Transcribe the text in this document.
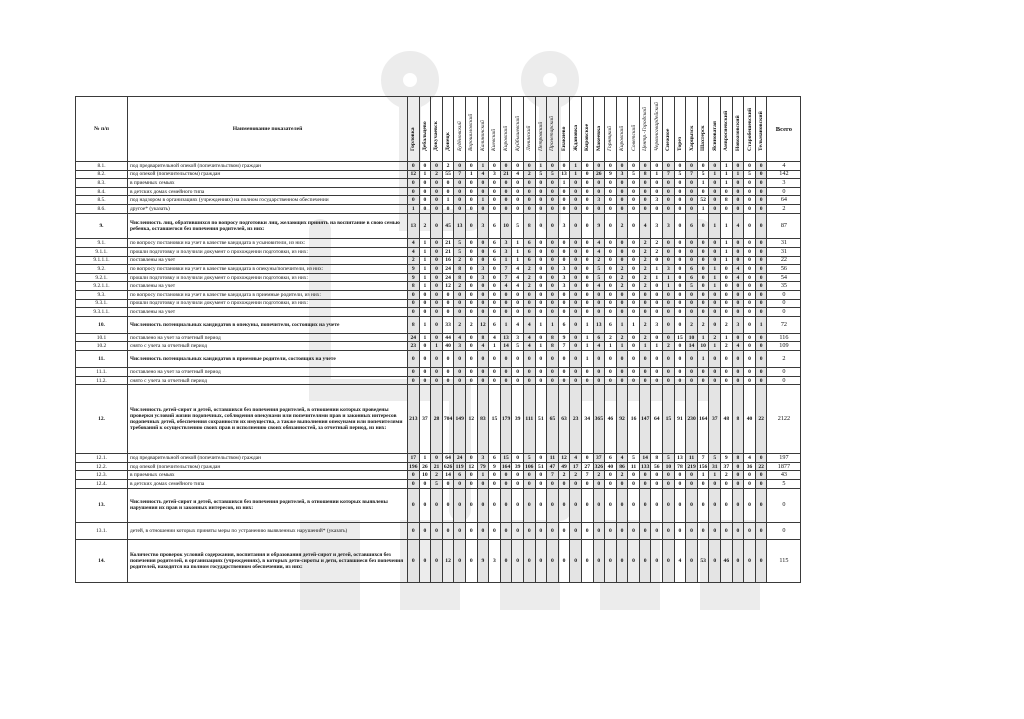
№ п/п	Наименование показателей	Горловка	Дебальцево	Докучаевск	Донецк	Будёновский	Ворошиловский	Калининский	Киевский	Кировский	Куйбышевский	Ленинский	Петровский	Пролетарский	Енакиево	Ждановка	Кировское	Макеевка	Горняцкий	Кировский	Советский	Центр.-Городской	Червоногвардейский	Снежное	Торез	Харцызск	Шахтерск	Ясиноватая	Амвросиевский	Новоазовский	Старобешевский	Тельмановский	Всего
8.1.	под предварительной опекой (попечительством) граждан	0	0	0	2	0	0	1	0	0	0	0	1	0	0	1	0	0	0	0	0	0	0	0	0	0	0	0	1	0	0	0	4
8.2.	под опекой (попечительством) граждан	12	1	2	55	7	1	4	3	21	4	2	5	5	13	1	0	26	9	3	5	8	1	7	5	7	5	1	1	1	5	0	142
8.3.	в приемных семьях	0	0	0	0	0	0	0	0	0	0	0	0	0	1	0	0	0	0	0	0	0	0	0	0	0	1	0	1	0	0	0	3
8.4.	в детских домах семейного типа	0	0	0	0	0	0	0	0	0	0	0	0	0	0	0	0	0	0	0	0	0	0	0	0	0	0	0	0	0	0	0	0
8.5.	под надзором в организациях (учреждениях) на полном государственном обеспечении	0	0	0	1	0	0	1	0	0	0	0	0	0	0	0	0	3	0	0	0	0	3	0	0	0	52	0	8	0	0	0	64
8.6.	другое* (указать)	1	0	0	0	0	0	0	0	0	0	0	0	0	0	0	0	0	0	0	0	0	0	0	0	0	1	0	0	0	0	0	2
9.	Численность лиц, обратившихся по вопросу подготовки лиц, желающих принять на воспитание в свою семью ребенка, оставшегося без попечения родителей, из них:	13	2	0	45	13	0	3	6	10	5	8	0	0	3	0	0	9	0	2	0	4	3	3	0	6	0	1	1	4	0	0	87
9.1.	по вопросу постановки на учет в качестве кандидата в усыновители, из них:	4	1	0	21	5	0	0	6	3	1	6	0	0	0	0	0	4	0	0	0	2	2	0	0	0	0	0	1	0	0	0	31
9.1.1.	прошли подготовку и получили документ о прохождении подготовки, из них:	4	1	0	21	5	0	0	6	3	1	6	0	0	0	0	0	4	0	0	0	2	2	0	0	0	0	0	1	0	0	0	31
9.1.1.1.	поставлены на учет	2	1	0	16	2	0	0	6	1	1	6	0	0	0	0	0	2	0	0	0	2	0	0	0	0	0	0	1	0	0	0	22
9.2.	по вопросу постановки на учет в качестве кандидата в опекуны/попечители, из них:	9	1	0	24	8	0	3	0	7	4	2	0	0	3	0	0	5	0	2	0	2	1	3	0	6	0	1	0	4	0	0	56
9.2.1.	прошли подготовку и получили документ о прохождении подготовки, из них:	9	1	0	24	8	0	3	0	7	4	2	0	0	3	0	0	5	0	2	0	2	1	1	0	6	0	1	0	4	0	0	54
9.2.1.1.	поставлены на учет	8	1	0	12	2	0	0	0	4	4	2	0	0	3	0	0	4	0	2	0	2	0	1	0	5	0	1	0	0	0	0	35
9.3.	по вопросу постановки на учет в качестве кандидата в приемные родители, из них:	0	0	0	0	0	0	0	0	0	0	0	0	0	0	0	0	0	0	0	0	0	0	0	0	0	0	0	0	0	0	0	0
9.3.1.	прошли подготовку и получили документ о прохождении подготовки, из них:	0	0	0	0	0	0	0	0	0	0	0	0	0	0	0	0	0	0	0	0	0	0	0	0	0	0	0	0	0	0	0	0
9.3.1.1.	поставлены на учет	0	0	0	0	0	0	0	0	0	0	0	0	0	0	0	0	0	0	0	0	0	0	0	0	0	0	0	0	0	0	0	0
10.	Численность потенциальных кандидатов в опекуны, попечители, состоящих на учете	8	1	0	33	2	2	12	6	1	4	4	1	1	6	0	1	13	6	1	1	2	3	0	0	2	2	0	2	3	0	1	72
10.1	поставлено на учет за отчетный период	24	1	0	44	4	0	8	4	13	3	4	0	8	9	0	1	6	2	2	0	2	0	0	15	10	1	2	1	0	0	0	116
10.2	снято с учета за отчетный период	23	0	1	40	3	0	4	1	14	5	4	1	8	7	0	1	4	1	1	0	1	1	2	0	14	10	1	2	4	0	0	109
11.	Численность потенциальных кандидатов в приемные родители, состоящих на учете	0	0	0	0	0	0	0	0	0	0	0	0	0	0	0	1	0	0	0	0	0	0	0	0	0	1	0	0	0	0	0	2
11.1.	поставлено на учет за отчетный период	0	0	0	0	0	0	0	0	0	0	0	0	0	0	0	0	0	0	0	0	0	0	0	0	0	0	0	0	0	0	0	0
11.2.	снято с учета за отчетный период	0	0	0	0	0	0	0	0	0	0	0	0	0	0	0	0	0	0	0	0	0	0	0	0	0	0	0	0	0	0	0	0
12.	Численность детей-сирот и детей, оставшихся без попечения родителей, в отношении которых проведены проверки условий жизни подопечных, соблюдения опекунами или попечителями прав и законных интересов подопечных детей, обеспечения сохранности их имущества, а также выполнения опекунами или попечителями требований к осуществлению своих прав и исполнению своих обязанностей, за отчетный период, из них:	213	37	28	704	149	12	83	15	179	39	111	51	65	63	23	34	365	46	92	16	147	64	15	91	230	164	37	48	8	40	22	2122
12.1.	под предварительной опекой (попечительством) граждан	17	1	0	64	24	0	3	6	15	0	5	0	11	12	4	0	37	6	4	5	14	8	5	13	11	7	5	9	8	4	0	197
12.2.	под опекой (попечительством) граждан	196	26	21	626	119	12	79	9	164	39	106	51	47	49	17	27	326	40	86	11	133	56	10	78	219	156	31	37	0	36	22	1877
12.3.	в приемных семьях	0	10	2	14	6	0	1	0	0	0	0	0	7	2	2	7	2	0	2	0	0	0	0	0	0	1	1	2	0	0	0	43
12.4.	в детских домах семейного типа	0	0	5	0	0	0	0	0	0	0	0	0	0	0	0	0	0	0	0	0	0	0	0	0	0	0	0	0	0	0	0	5
13.	Численность детей-сирот и детей, оставшихся без попечения родителей, в отношении которых выявлены нарушения их прав и законных интересов, из них:	0	0	0	0	0	0	0	0	0	0	0	0	0	0	0	0	0	0	0	0	0	0	0	0	0	0	0	0	0	0	0	0
13.1.	детей, в отношении которых приняты меры по устранению выявленных нарушений* (указать)	0	0	0	0	0	0	0	0	0	0	0	0	0	0	0	0	0	0	0	0	0	0	0	0	0	0	0	0	0	0	0	0
14.	Количество проверок условий содержания, воспитания и образования детей-сирот и детей, оставшихся без попечения родителей, в организациях (учреждениях), в которых дети-сироты и дети, оставшиеся без попечения родителей, находятся на полном государственном обеспечении, из них:	0	0	0	12	0	0	9	3	0	0	0	0	0	0	0	0	0	0	0	0	0	0	0	4	0	53	0	46	0	0	0	115
